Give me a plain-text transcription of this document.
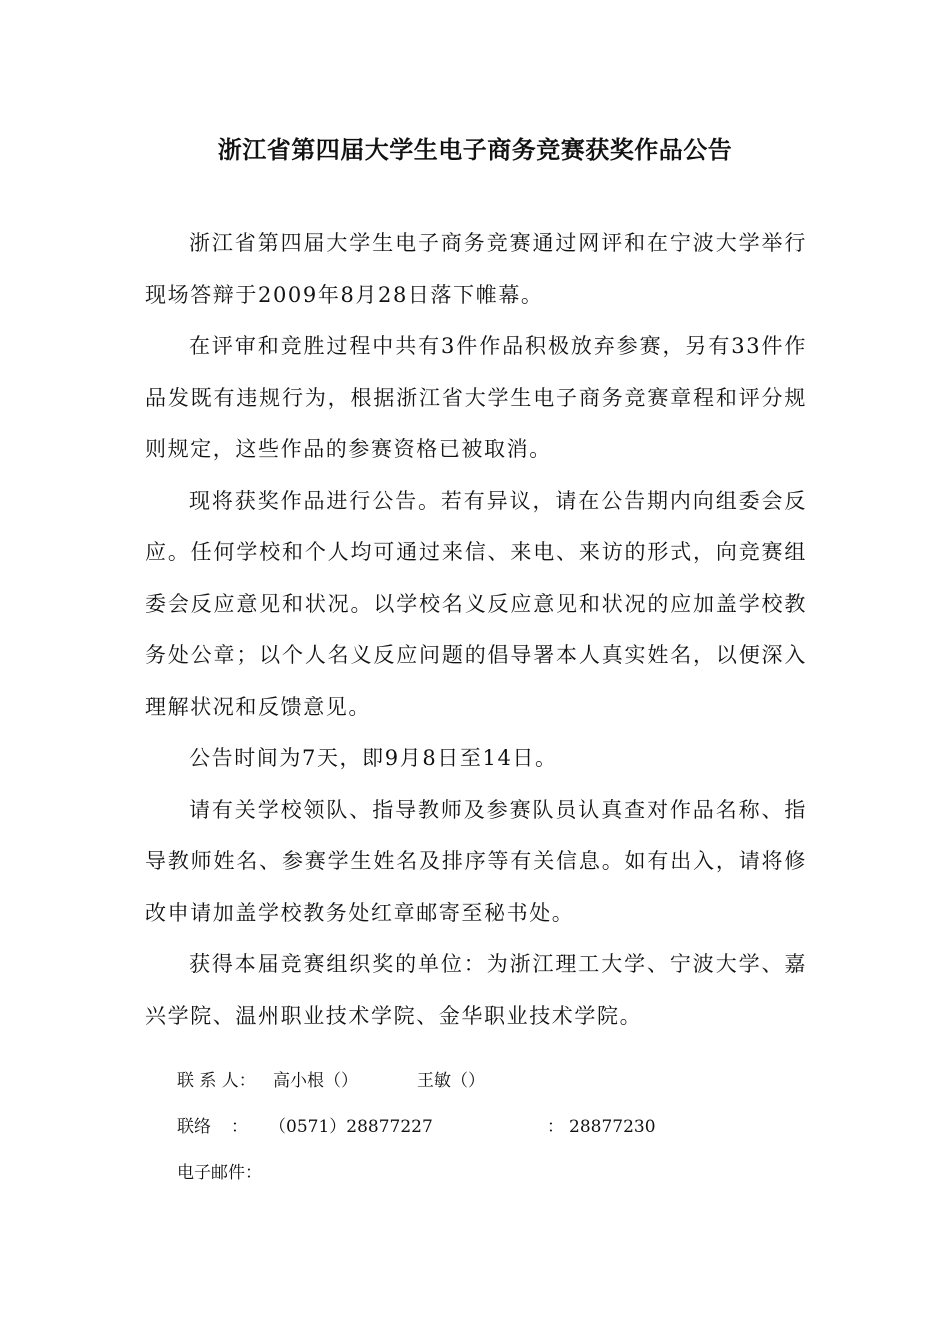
浙江省第四届大学生电子商务竞赛获奖作品公告

浙江省第四届大学生电子商务竞赛通过网评和在宁波大学举行现场答辩于2009年8月28日落下帷幕。

在评审和竞胜过程中共有3件作品积极放弃参赛，另有33件作品发既有违规行为，根据浙江省大学生电子商务竞赛章程和评分规则规定，这些作品的参赛资格已被取消。

现将获奖作品进行公告。若有异议，请在公告期内向组委会反应。任何学校和个人均可通过来信、来电、来访的形式，向竞赛组委会反应意见和状况。以学校名义反应意见和状况的应加盖学校教务处公章；以个人名义反应问题的倡导署本人真实姓名，以便深入理解状况和反馈意见。

公告时间为7天，即9月8日至14日。

请有关学校领队、指导教师及参赛队员认真查对作品名称、指导教师姓名、参赛学生姓名及排序等有关信息。如有出入，请将修改申请加盖学校教务处红章邮寄至秘书处。

获得本届竞赛组织奖的单位：为浙江理工大学、宁波大学、嘉兴学院、温州职业技术学院、金华职业技术学院。

联 系 人： 高小根（）	王敏（）
联络 ： （0571）28877227	： 28877230
电子邮件：
